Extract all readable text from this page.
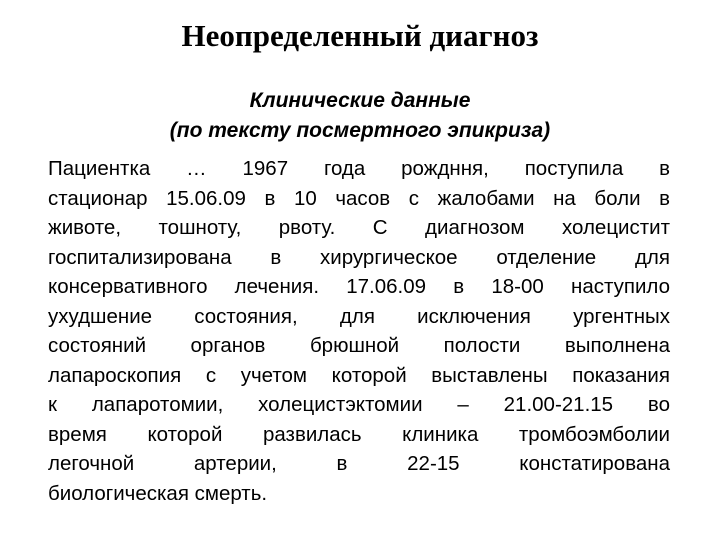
Неопределенный диагноз
Клинические данные
(по тексту посмертного эпикриза)
Пациентка … 1967 года рождння, поступила в
стационар 15.06.09 в 10 часов с жалобами на боли в
животе, тошноту, рвоту. С диагнозом холецистит
госпитализирована в хирургическое отделение для
консервативного лечения. 17.06.09 в 18-00 наступило
ухудшение состояния, для исключения ургентных
состояний органов брюшной полости выполнена
лапароскопия с учетом которой выставлены показания
к лапаротомии, холецистэктомии – 21.00-21.15 во
время которой развилась клиника тромбоэмболии
легочной артерии, в 22-15 констатирована
биологическая смерть.
